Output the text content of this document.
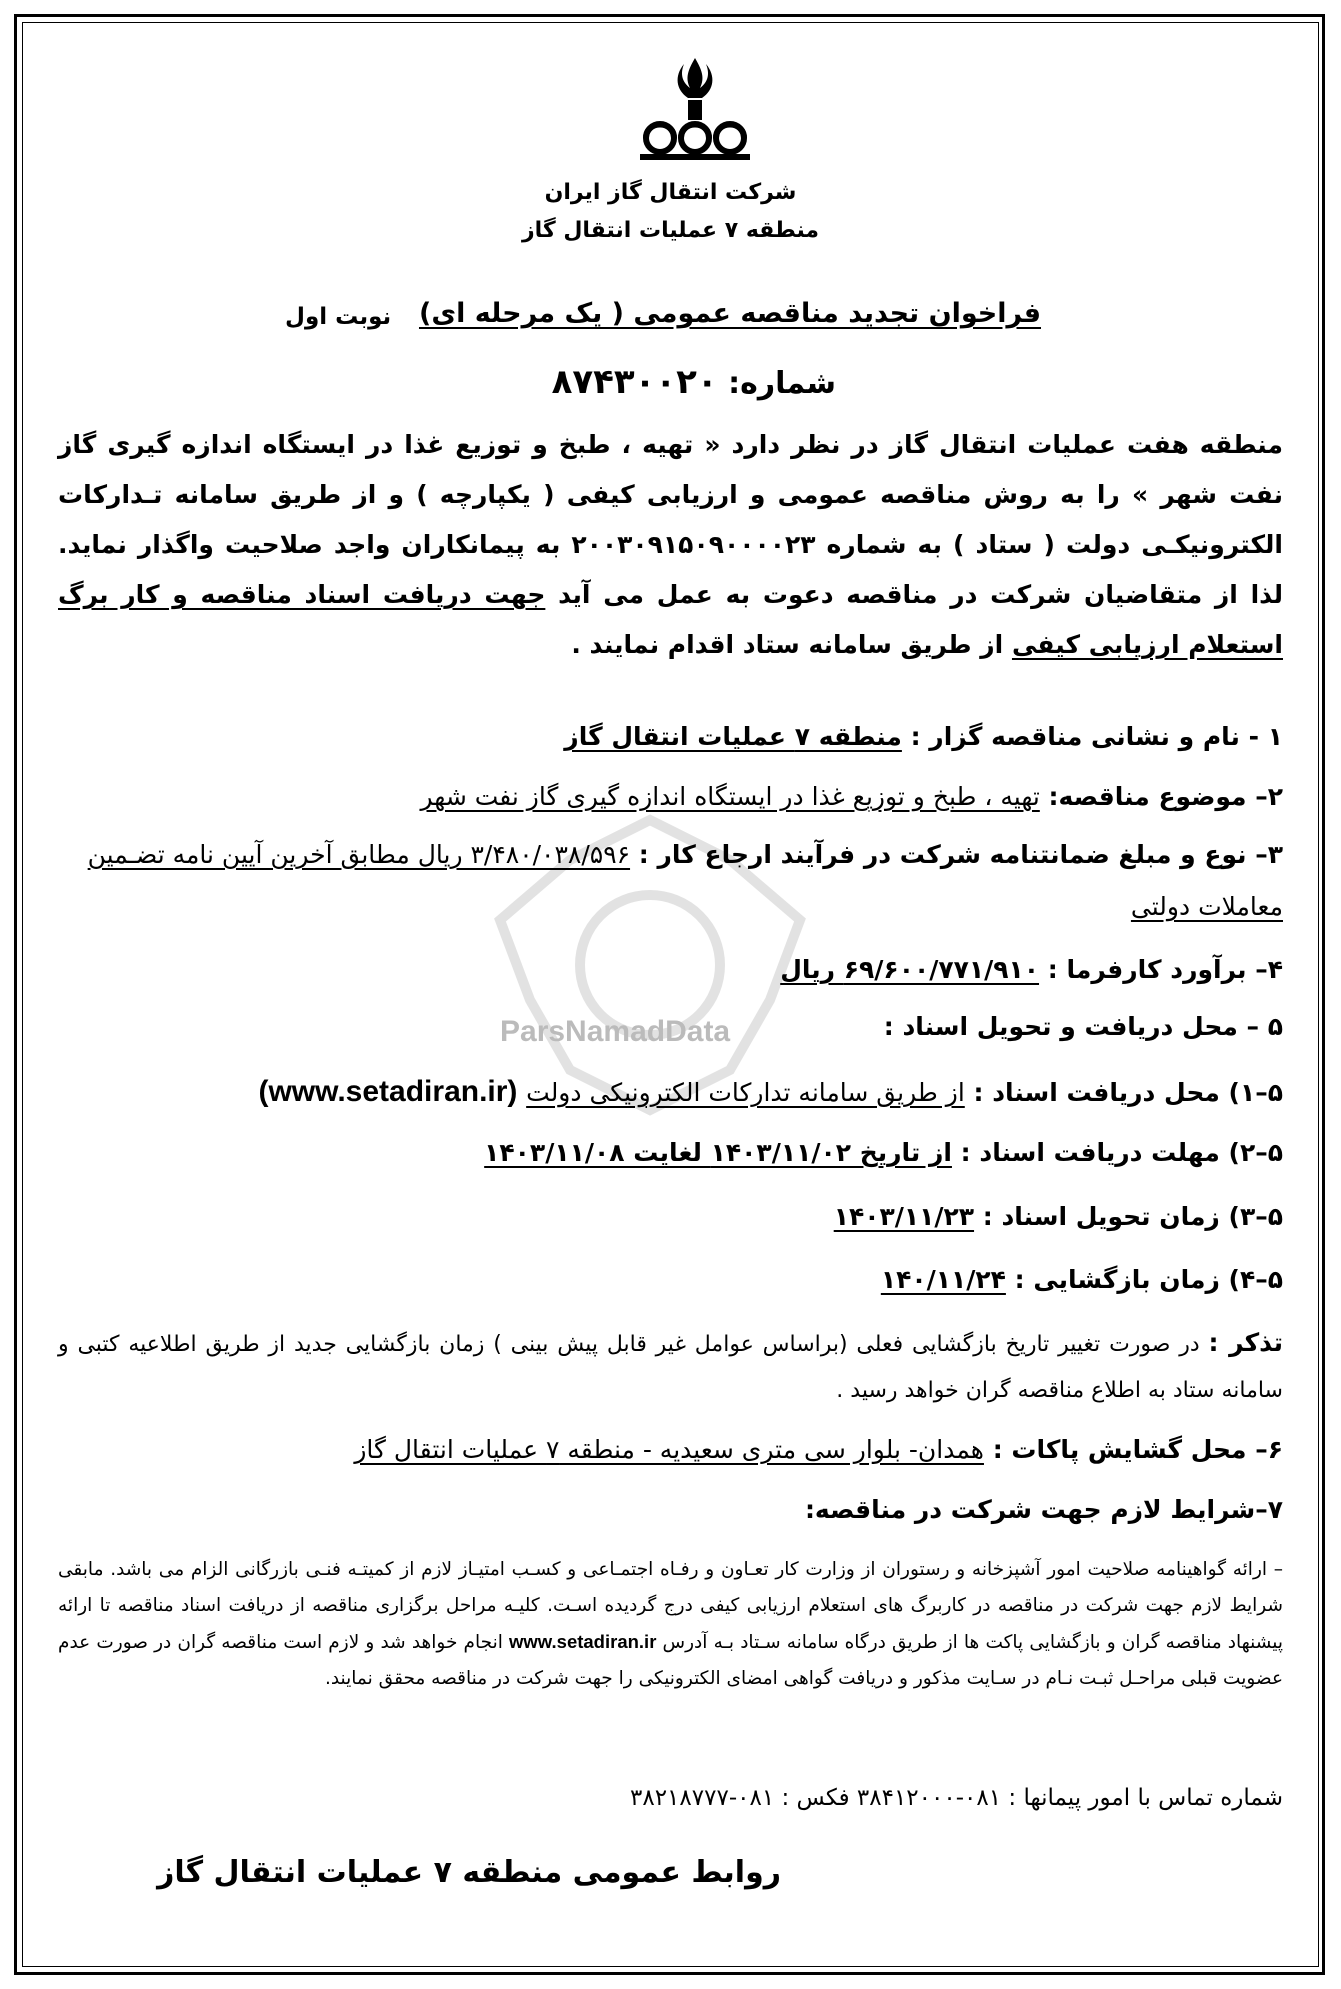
شرکت انتقال گاز ایران
منطقه ۷ عملیات انتقال گاز
فراخوان تجدید مناقصه عمومی ( یک مرحله ای)
نوبت اول
شماره: ۸۷۴۳۰۰۲۰
منطقه هفت عملیات انتقال گاز در نظر دارد « تهیه ، طبخ و توزیع غذا در ایستگاه اندازه گیری گاز نفت شهر » را به روش مناقصه عمومی و ارزیابی کیفی ( یکپارچه ) و از طریق سامانه تـدارکات الکترونیکـی دولت ( ستاد ) به شماره ۲۰۰۳۰۹۱۵۰۹۰۰۰۰۲۳ به پیمانکاران واجد صلاحیت واگذار نماید. لذا از متقاضیان شرکت در مناقصه دعوت به عمل می آید جهت دریافت اسناد مناقصه و کار برگ استعلام ارزیابی کیفی از طریق سامانه ستاد اقدام نمایند .
ParsNamadData
۱ - نام و نشانی مناقصه گزار : منطقه ۷ عملیات انتقال گاز
۲– موضوع مناقصه: تهیه ، طبخ و توزیع غذا در ایستگاه اندازه گیری گاز نفت شهر
۳– نوع و مبلغ ضمانتنامه شرکت در فرآیند ارجاع کار : ۳/۴۸۰/۰۳۸/۵۹۶ ریال مطابق آخرین آیین نامه تضـمین
معاملات دولتی
۴– برآورد کارفرما : ۶۹/۶۰۰/۷۷۱/۹۱۰ ریال
۵ – محل دریافت و تحویل اسناد :
۵–۱) محل دریافت اسناد : از طریق سامانه تدارکات الکترونیکی دولت (www.setadiran.ir)
۵–۲) مهلت دریافت اسناد : از تاریخ ۱۴۰۳/۱۱/۰۲ لغایت ۱۴۰۳/۱۱/۰۸
۵–۳) زمان تحویل اسناد : ۱۴۰۳/۱۱/۲۳
۵–۴) زمان بازگشایی : ۱۴۰/۱۱/۲۴
تذکر : در صورت تغییر تاریخ بازگشایی فعلی (براساس عوامل غیر قابل پیش بینی ) زمان بازگشایی جدید از طریق اطلاعیه کتبی و سامانه ستاد به اطلاع مناقصه گران خواهد رسید .
۶– محل گشایش پاکات : همدان- بلوار سی متری سعیدیه - منطقه ۷ عملیات انتقال گاز
۷–شرایط لازم جهت شرکت در مناقصه:
– ارائه گواهینامه صلاحیت امور آشپزخانه و رستوران از وزارت کار تعـاون و رفـاه اجتمـاعی و کسـب امتیـاز لازم از کمیتـه فنـی بازرگانی الزام می باشد. مابقی شرایط لازم جهت شرکت در مناقصه در کاربرگ های استعلام ارزیابی کیفی درج گردیده اسـت. کلیـه مراحل برگزاری مناقصه از دریافت اسناد مناقصه تا ارائه پیشنهاد مناقصه گران و بازگشایی پاکت ها از طریق درگاه سامانه سـتاد بـه آدرس www.setadiran.ir انجام خواهد شد و لازم است مناقصه گران در صورت عدم عضویت قبلی مراحـل ثبـت نـام در سـایت مذکور و دریافت گواهی امضای الکترونیکی را جهت شرکت در مناقصه محقق نمایند.
شماره تماس با امور پیمانها : ۰۸۱-۳۸۴۱۲۰۰۰ فکس : ۰۸۱-۳۸۲۱۸۷۷۷
روابط عمومی منطقه ۷ عملیات انتقال گاز
